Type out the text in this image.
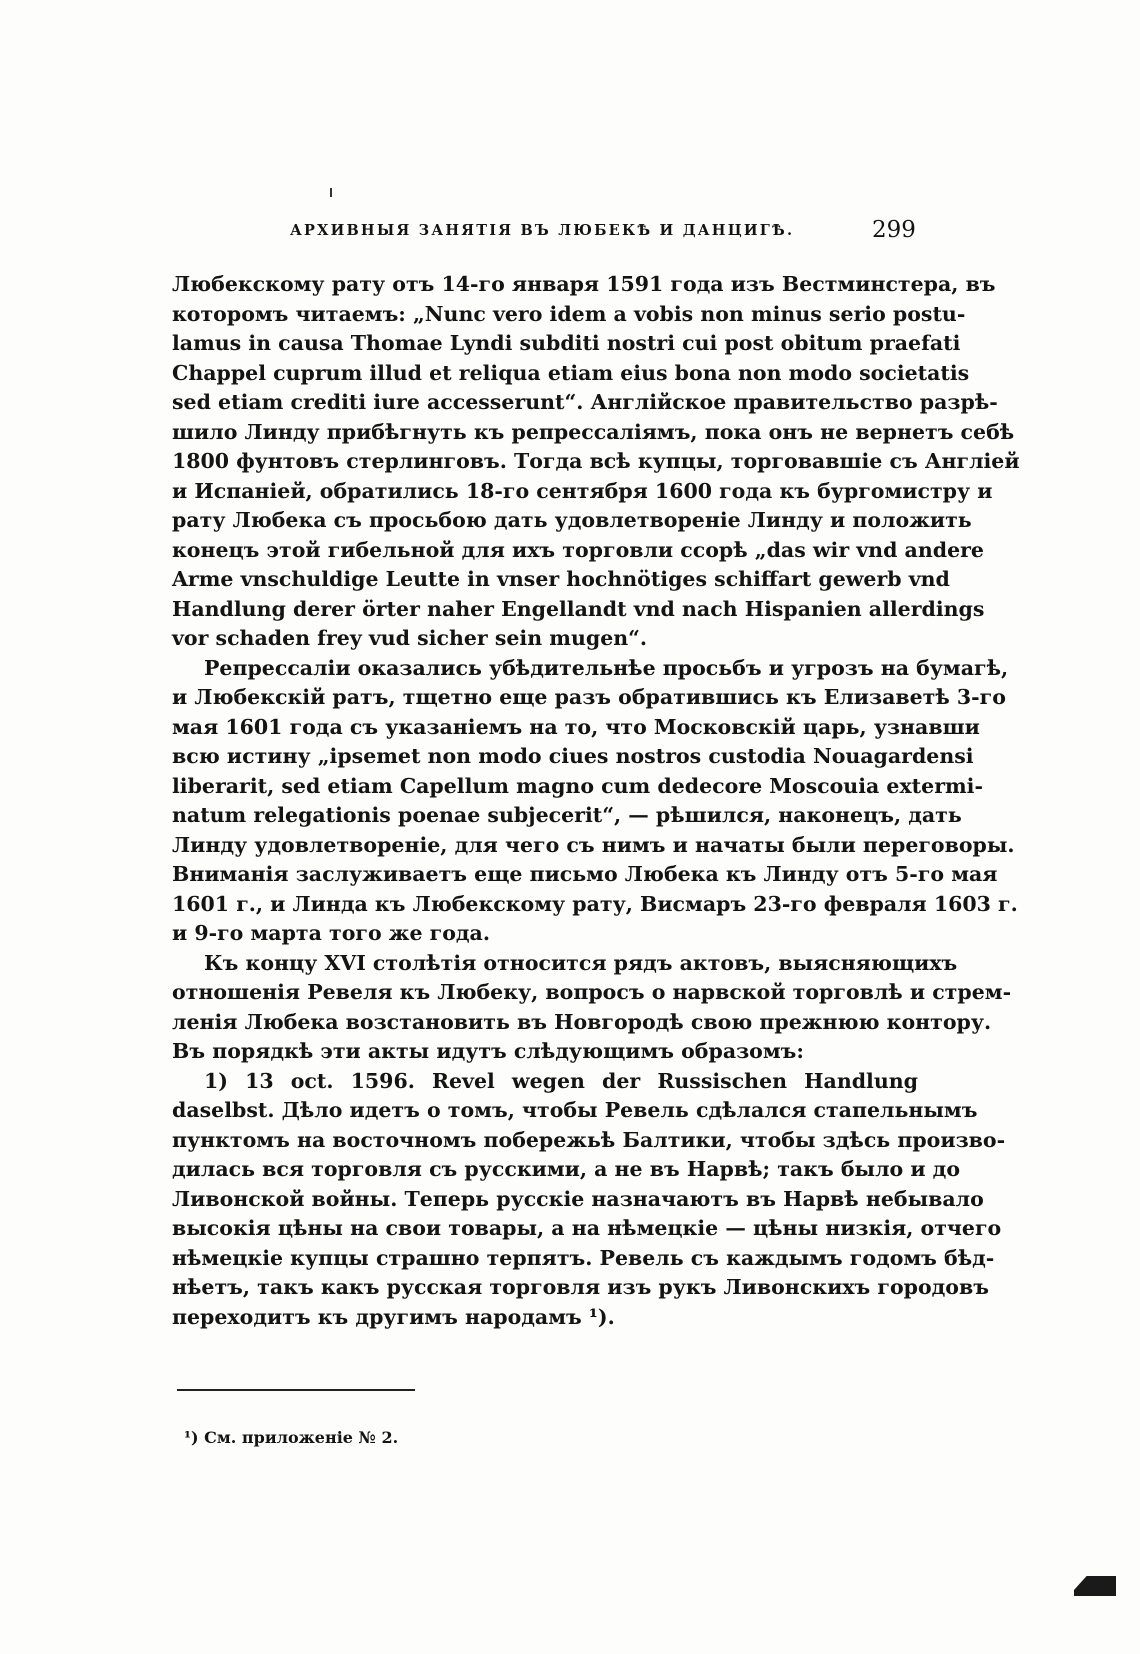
АРХИВНЫЯ ЗАНЯТІЯ ВЪ ЛЮБЕКѢ И ДАНЦИГѢ.	299
Любекскому рату отъ 14-го января 1591 года изъ Вестминстера, въ
которомъ читаемъ: „Nunc vero idem a vobis non minus serio postu-
lamus in causa Thomae Lyndi subditi nostri cui post obitum praefati
Chappel cuprum illud et reliqua etiam eius bona non modo societatis
sed etiam crediti iure accesserunt“. Англійское правительство разрѣ-
шило Линду прибѣгнуть къ репрессаліямъ, пока онъ не вернетъ себѣ
1800 фунтовъ стерлинговъ. Тогда всѣ купцы, торговавшіе съ Англіей
и Испаніей, обратились 18-го сентября 1600 года къ бургомистру и
рату Любека съ просьбою дать удовлетвореніе Линду и положить
конецъ этой гибельной для ихъ торговли ссорѣ „das wir vnd andere
Arme vnschuldige Leutte in vnser hochnötiges schiffart gewerb vnd
Handlung derer örter naher Engellandt vnd nach Hispanien allerdings
vor schaden frey vud sicher sein mugen“.
Репрессаліи оказались убѣдительнѣе просьбъ и угрозъ на бумагѣ,
и Любекскій ратъ, тщетно еще разъ обратившись къ Елизаветѣ 3-го
мая 1601 года съ указаніемъ на то, что Московскій царь, узнавши
всю истину „ipsemet non modo ciues nostros custodia Nouagardensi
liberarit, sed etiam Capellum magno cum dedecore Moscouia extermi-
natum relegationis poenae subjecerit“, — рѣшился, наконецъ, дать
Линду удовлетвореніе, для чего съ нимъ и начаты были переговоры.
Вниманія заслуживаетъ еще письмо Любека къ Линду отъ 5-го мая
1601 г., и Линда къ Любекскому рату, Висмаръ 23-го февраля 1603 г.
и 9-го марта того же года.
Къ концу XVI столѣтія относится рядъ актовъ, выясняющихъ
отношенія Ревеля къ Любеку, вопросъ о нарвской торговлѣ и стрем-
ленія Любека возстановить въ Новгородѣ свою прежнюю контору.
Въ порядкѣ эти акты идутъ слѣдующимъ образомъ:
1) 13 oct. 1596. Revel wegen der Russischen Handlung
daselbst. Дѣло идетъ о томъ, чтобы Ревель сдѣлался стапельнымъ
пунктомъ на восточномъ побережьѣ Балтики, чтобы здѣсь произво-
дилась вся торговля съ русскими, а не въ Нарвѣ; такъ было и до
Ливонской войны. Теперь русскіе назначаютъ въ Нарвѣ небывало
высокія цѣны на свои товары, а на нѣмецкіе — цѣны низкія, отчего
нѣмецкіе купцы страшно терпятъ. Ревель съ каждымъ годомъ бѣд-
нѣетъ, такъ какъ русская торговля изъ рукъ Ливонскихъ городовъ
переходитъ къ другимъ народамъ ¹).
¹) См. приложеніе № 2.
